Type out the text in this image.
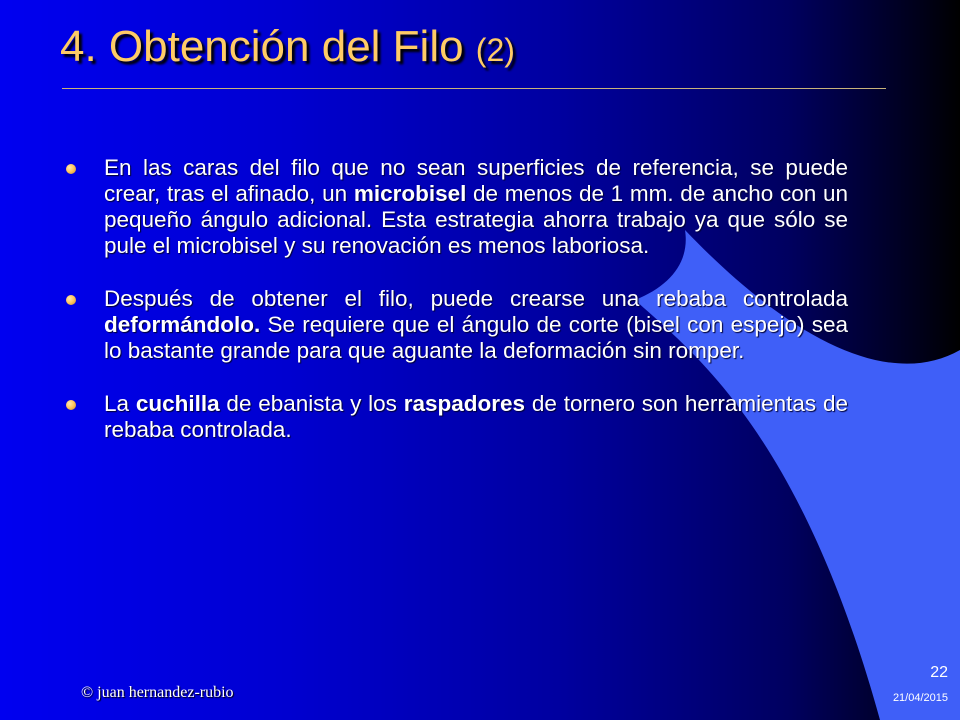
4. Obtención del Filo (2)
En las caras del filo que no sean superficies de referencia, se puede crear, tras el afinado, un microbisel de menos de 1 mm. de ancho con un pequeño ángulo adicional. Esta estrategia ahorra trabajo ya que sólo se pule el microbisel y su renovación es menos laboriosa.
Después de obtener el filo, puede crearse una rebaba controlada deformándolo. Se requiere que el ángulo de corte (bisel con espejo) sea lo bastante grande para que aguante la deformación sin romper.
La cuchilla de ebanista y los raspadores de tornero son herramientas de rebaba controlada.
© juan hernandez-rubio
22
21/04/2015
